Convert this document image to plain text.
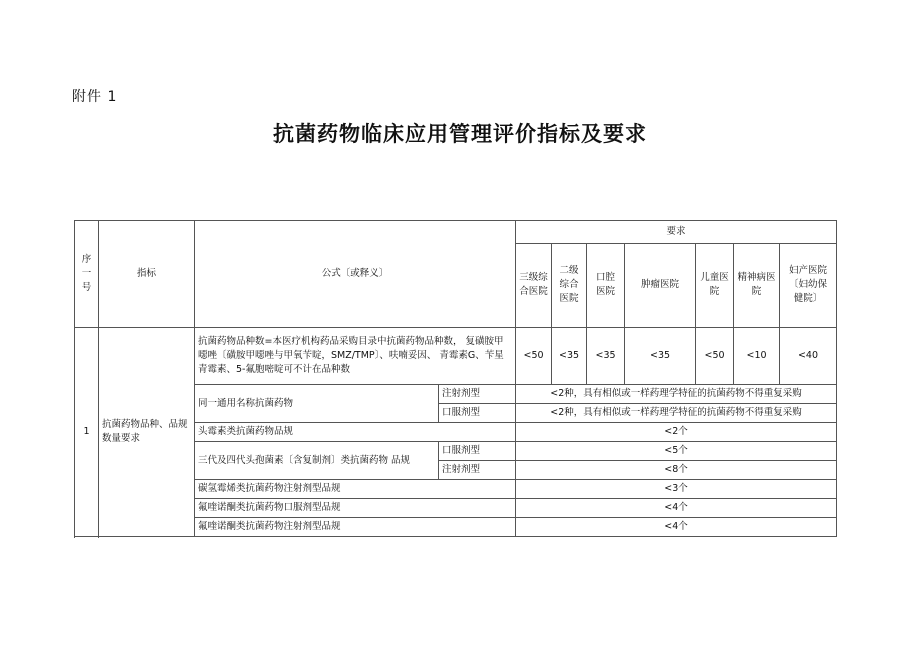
附件 1
抗菌药物临床应用管理评价指标及要求
序一号	指标	公式〔或释义〕		要求						
				三级综合医院	二级综合医院	口腔 医院	肿瘤医院	儿童医院	精神病医院	妇产医院〔妇幼保 健院〕
1	抗菌药物品种、品规数量要求	抗菌药物品种数=本医疗机构药品采购目录中抗菌药物品种数， 复磺胺甲噁唑〔磺胺甲噁唑与甲氧苄啶，SMZ/TMP〕、呋喃妥因、 青霉素G、苄星青霉素、5-氟胞嘧啶可不计在品种数		<50	<35	<35	<35	<50	<10	<40
		同一通用名称抗菌药物	注射剂型	<2种，具有相似或一样药理学特征的抗菌药物不得重复采购						
			口服剂型	<2种，具有相似或一样药理学特征的抗菌药物不得重复采购						
		头霉素类抗菌药物品规		<2个						
		三代及四代头孢菌素〔含复制剂〕类抗菌药物 品规	口服剂型	<5个						
			注射剂型	<8个						
		碳氢霉烯类抗菌药物注射剂型品规		<3个						
		氟喹诺酮类抗菌药物口服剂型品规		<4个						
		氟喹诺酮类抗菌药物注射剂型品规		<4个						
